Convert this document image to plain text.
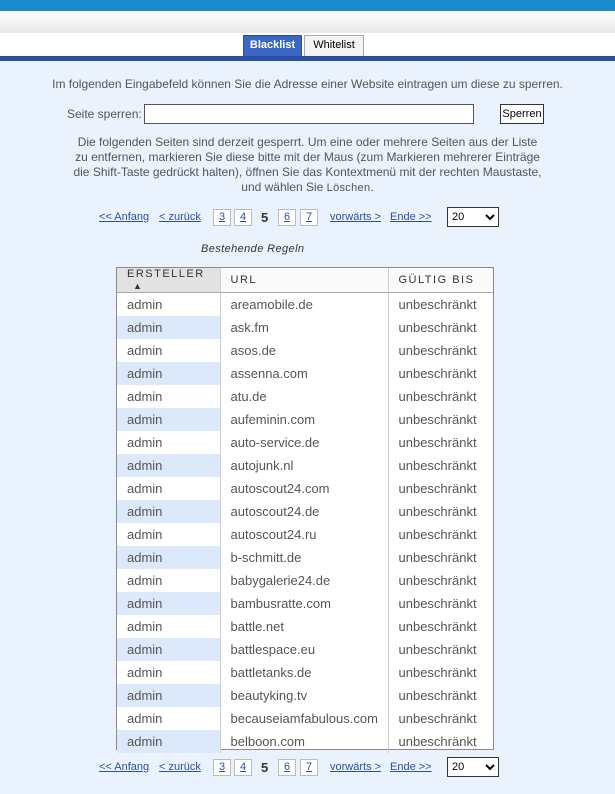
Blacklist	Whitelist
Im folgenden Eingabefeld können Sie die Adresse einer Website eintragen um diese zu sperren.
Seite sperren:	Sperren
Die folgenden Seiten sind derzeit gesperrt. Um eine oder mehrere Seiten aus der Liste zu entfernen, markieren Sie diese bitte mit der Maus (zum Markieren mehrerer Einträge die Shift-Taste gedrückt halten), öffnen Sie das Kontextmenü mit der rechten Maustaste, und wählen Sie Löschen.
<< Anfang < zurück	3	4	5	6	7	vorwärts > Ende >>
20
Bestehende Regeln
ERSTELLER▲	URL	GÜLTIG BIS
admin	areamobile.de	unbeschränkt
admin	ask.fm	unbeschränkt
admin	asos.de	unbeschränkt
admin	assenna.com	unbeschränkt
admin	atu.de	unbeschränkt
admin	aufeminin.com	unbeschränkt
admin	auto-service.de	unbeschränkt
admin	autojunk.nl	unbeschränkt
admin	autoscout24.com	unbeschränkt
admin	autoscout24.de	unbeschränkt
admin	autoscout24.ru	unbeschränkt
admin	b-schmitt.de	unbeschränkt
admin	babygalerie24.de	unbeschränkt
admin	bambusratte.com	unbeschränkt
admin	battle.net	unbeschränkt
admin	battlespace.eu	unbeschränkt
admin	battletanks.de	unbeschränkt
admin	beautyking.tv	unbeschränkt
admin	becauseiamfabulous.com	unbeschränkt
admin	belboon.com	unbeschränkt
<< Anfang < zurück	3	4	5	6	7	vorwärts > Ende >>
20
